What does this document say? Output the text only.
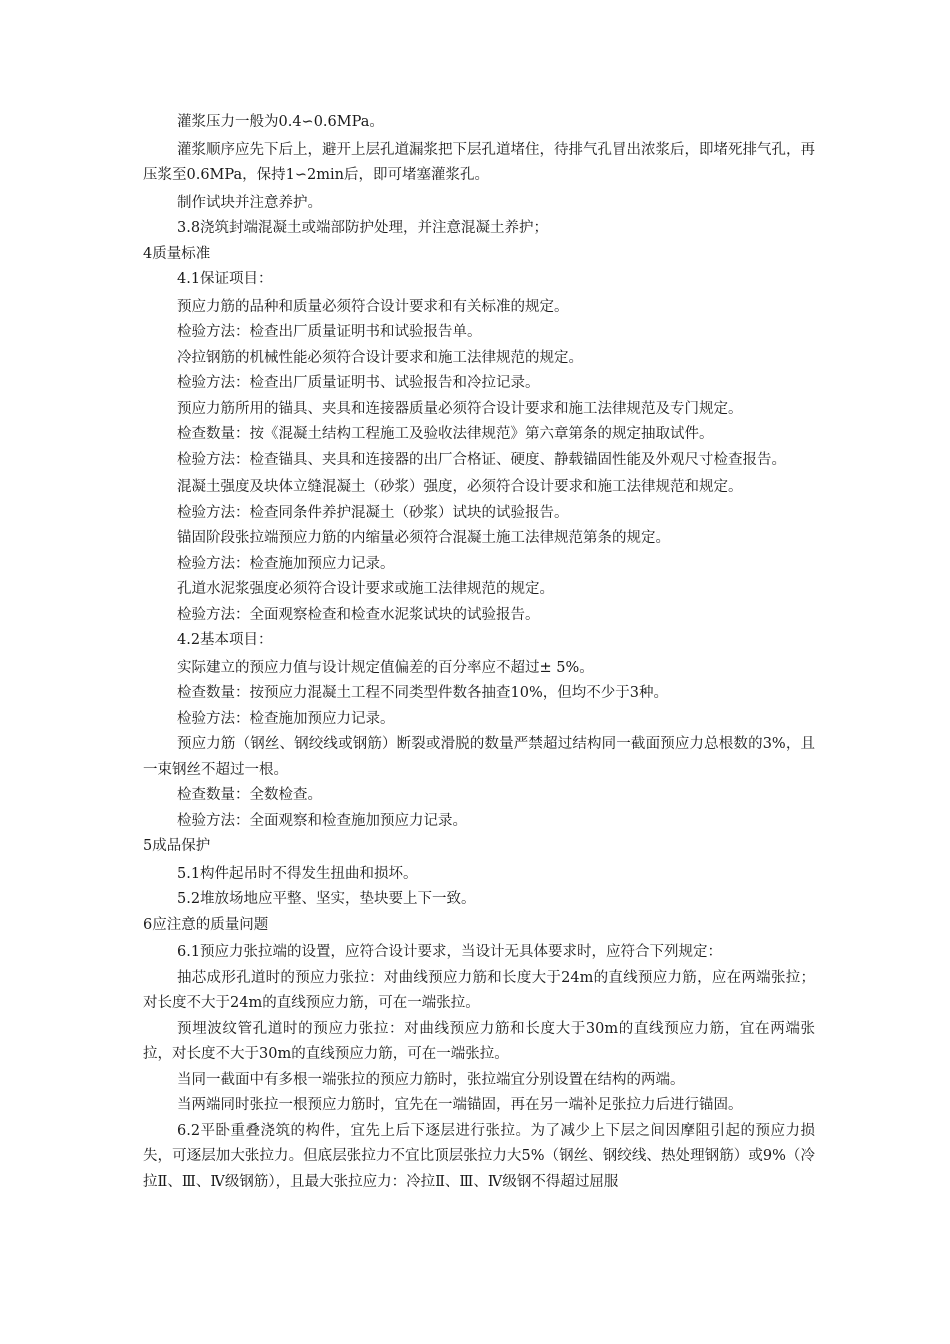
灌浆压力一般为0.4∽0.6MPa。

灌浆顺序应先下后上，避开上层孔道漏浆把下层孔道堵住，待排气孔冒出浓浆后，即堵死排气孔，再压浆至0.6MPa，保持1∽2min后，即可堵塞灌浆孔。

制作试块并注意养护。

3.8浇筑封端混凝土或端部防护处理，并注意混凝土养护；

4质量标准

4.1保证项目：

预应力筋的品种和质量必须符合设计要求和有关标准的规定。

检验方法：检查出厂质量证明书和试验报告单。

冷拉钢筋的机械性能必须符合设计要求和施工法律规范的规定。

检验方法：检查出厂质量证明书、试验报告和冷拉记录。

预应力筋所用的锚具、夹具和连接器质量必须符合设计要求和施工法律规范及专门规定。

检查数量：按《混凝土结构工程施工及验收法律规范》第六章第条的规定抽取试件。

检验方法：检查锚具、夹具和连接器的出厂合格证、硬度、静载锚固性能及外观尺寸检查报告。

混凝土强度及块体立缝混凝土（砂浆）强度，必须符合设计要求和施工法律规范和规定。

检验方法：检查同条件养护混凝土（砂浆）试块的试验报告。

锚固阶段张拉端预应力筋的内缩量必须符合混凝土施工法律规范第条的规定。

检验方法：检查施加预应力记录。

孔道水泥浆强度必须符合设计要求或施工法律规范的规定。

检验方法：全面观察检查和检查水泥浆试块的试验报告。

4.2基本项目：

实际建立的预应力值与设计规定值偏差的百分率应不超过± 5%。

检查数量：按预应力混凝土工程不同类型件数各抽查10%，但均不少于3种。

检验方法：检查施加预应力记录。

预应力筋（钢丝、钢绞线或钢筋）断裂或滑脱的数量严禁超过结构同一截面预应力总根数的3%，且一束钢丝不超过一根。

检查数量：全数检查。

检验方法：全面观察和检查施加预应力记录。

5成品保护

5.1构件起吊时不得发生扭曲和损坏。

5.2堆放场地应平整、坚实，垫块要上下一致。

6应注意的质量问题

6.1预应力张拉端的设置，应符合设计要求，当设计无具体要求时，应符合下列规定：

抽芯成形孔道时的预应力张拉：对曲线预应力筋和长度大于24m的直线预应力筋，应在两端张拉；对长度不大于24m的直线预应力筋，可在一端张拉。

预埋波纹管孔道时的预应力张拉：对曲线预应力筋和长度大于30m的直线预应力筋，宜在两端张拉，对长度不大于30m的直线预应力筋，可在一端张拉。

当同一截面中有多根一端张拉的预应力筋时，张拉端宜分别设置在结构的两端。

当两端同时张拉一根预应力筋时，宜先在一端锚固，再在另一端补足张拉力后进行锚固。

6.2平卧重叠浇筑的构件，宜先上后下逐层进行张拉。为了减少上下层之间因摩阻引起的预应力损失，可逐层加大张拉力。但底层张拉力不宜比顶层张拉力大5%（钢丝、钢绞线、热处理钢筋）或9%（冷拉Ⅱ、Ⅲ、Ⅳ级钢筋），且最大张拉应力：冷拉Ⅱ、Ⅲ、Ⅳ级钢不得超过屈服
